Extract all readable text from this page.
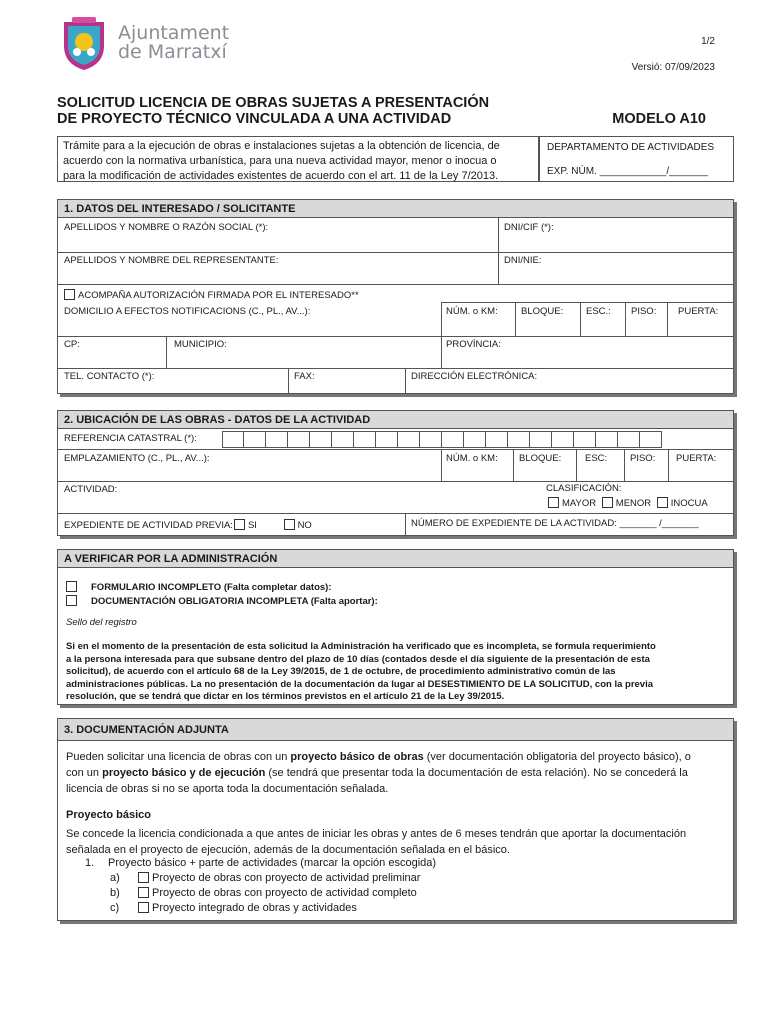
Ajuntament
de Marratxí	1/2
Versió: 07/09/2023
SOLICITUD LICENCIA DE OBRAS SUJETAS A PRESENTACIÓN
DE PROYECTO TÉCNICO VINCULADA A UNA ACTIVIDAD	MODELO A10
Trámite para a la ejecución de obras e instalaciones sujetas a la obtención de licencia, de
acuerdo con la normativa urbanística, para una nueva actividad mayor, menor o inocua o
para la modificación de actividades existentes de acuerdo con el art. 11 de la Ley 7/2013.
DEPARTAMENTO DE ACTIVIDADES
EXP. NÚM. ____________/_______
1. DATOS DEL INTERESADO / SOLICITANTE
APELLIDOS Y NOMBRE O RAZÓN SOCIAL (*):	DNI/CIF (*):
APELLIDOS Y NOMBRE DEL REPRESENTANTE:	DNI/NIE:
ACOMPAÑA AUTORIZACIÓN FIRMADA POR EL INTERESADO**
DOMICILIO A EFECTOS NOTIFICACIONS (C., PL., AV...):	NÚM. o KM: BLOQUE: ESC.: PISO: PUERTA:
CP:	MUNICIPIO:	PROVÍNCIA:
TEL. CONTACTO (*):	FAX:	DIRECCIÓN ELECTRÓNICA:
2. UBICACIÓN DE LAS OBRAS - DATOS DE LA ACTIVIDAD
REFERENCIA CATASTRAL (*):
EMPLAZAMIENTO (C., PL., AV...):	NÚM. o KM: BLOQUE:	ESC: PISO: PUERTA:
ACTIVIDAD:	CLASIFICACIÓN:
MAYOR MENOR INOCUA
EXPEDIENTE DE ACTIVIDAD PREVIA: SI	NO	NÚMERO DE EXPEDIENTE DE LA ACTIVIDAD: _______ /_______
A VERIFICAR POR LA ADMINISTRACIÓN
FORMULARIO INCOMPLETO (Falta completar datos):
DOCUMENTACIÓN OBLIGATORIA INCOMPLETA (Falta aportar):
Sello del registro
Si en el momento de la presentación de esta solicitud la Administración ha verificado que es incompleta, se formula requerimiento
a la persona interesada para que subsane dentro del plazo de 10 días (contados desde el día siguiente de la presentación de esta
solicitud), de acuerdo con el artículo 68 de la Ley 39/2015, de 1 de octubre, de procedimiento administrativo común de las
administraciones públicas. La no presentación de la documentación da lugar al DESESTIMIENTO DE LA SOLICITUD, con la previa
resolución, que se tendrá que dictar en los términos previstos en el artículo 21 de la Ley 39/2015.
3. DOCUMENTACIÓN ADJUNTA
Pueden solicitar una licencia de obras con un proyecto básico de obras (ver documentación obligatoria del proyecto básico), o
con un proyecto básico y de ejecución (se tendrá que presentar toda la documentación de esta relación). No se concederá la
licencia de obras si no se aporta toda la documentación señalada.
Proyecto básico
Se concede la licencia condicionada a que antes de iniciar les obras y antes de 6 meses tendrán que aportar la documentación
señalada en el proyecto de ejecución, además de la documentación señalada en el básico.
1. Proyecto básico + parte de actividades (marcar la opción escogida)
a)	Proyecto de obras con proyecto de actividad preliminar
b)	Proyecto de obras con proyecto de actividad completo
c)	Proyecto integrado de obras y actividades
